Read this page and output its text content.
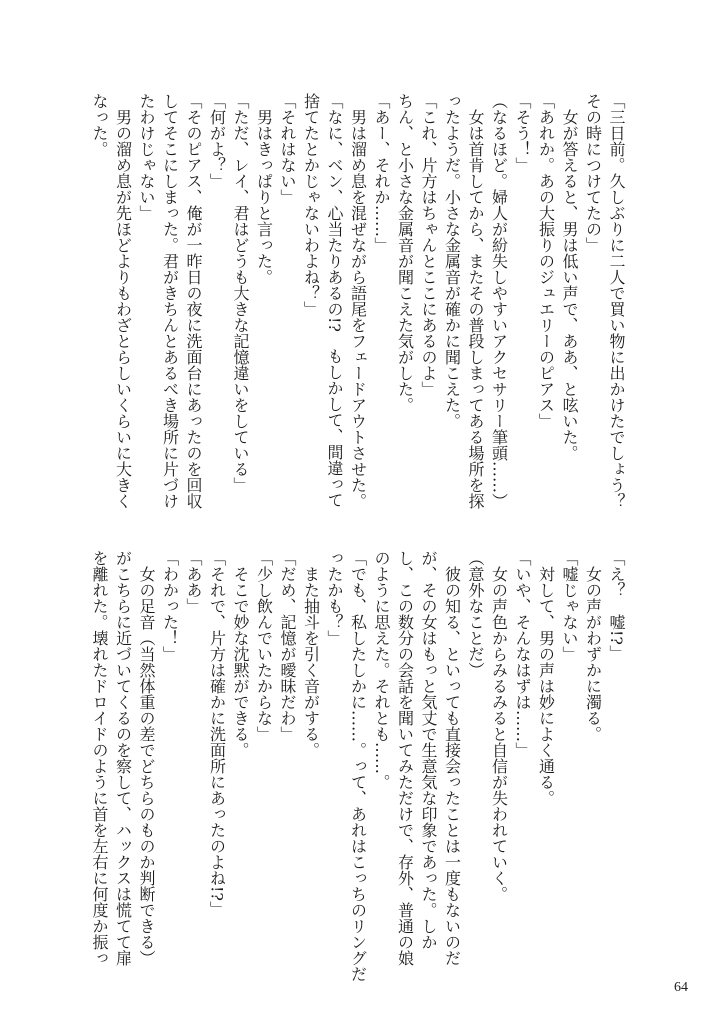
「三日前。久しぶりに二人で買い物に出かけたでしょう？

その時につけてたの」

　女が答えると、男は低い声で、ああ、と呟いた。

「あれか。あの大振りのジュエリーのピアス」

「そう！」

（なるほど。婦人が紛失しやすいアクセサリー筆頭……）

　女は首肯してから、またその普段しまってある場所を探

ったようだ。小さな金属音が確かに聞こえた。

「これ、片方はちゃんとここにあるのよ」

ちん、と小さな金属音が聞こえた気がした。

「あー、それか……」

　男は溜め息を混ぜながら語尾をフェードアウトさせた。

「なに、ベン、心当たりあるの!?　もしかして、間違って

捨てたとかじゃないわよね？」

「それはない」

　男はきっぱりと言った。

「ただ、レイ、君はどうも大きな記憶違いをしている」

「何がよ？」

「そのピアス、俺が一昨日の夜に洗面台にあったのを回収

してそこにしまった。君がきちんとあるべき場所に片づけ

たわけじゃない」

　男の溜め息が先ほどよりもわざとらしいくらいに大きく

なった。

「え？　嘘!?」

　女の声がわずかに濁る。

「嘘じゃない」

　対して、男の声は妙によく通る。

「いや、そんなはずは……」

　女の声色からみるみると自信が失われていく。

（意外なことだ）

　彼の知る、といっても直接会ったことは一度もないのだ

が、その女はもっと気丈で生意気な印象であった。しか

し、この数分の会話を聞いてみただけで、存外、普通の娘

のように思えた。それとも……。

「でも、私したしかに……。って、あれはこっちのリングだ

ったかも？」

　また抽斗を引く音がする。

「だめ、記憶が曖昧だわ」

「少し飲んでいたからな」

　そこで妙な沈黙ができる。

「それで、片方は確かに洗面所にあったのよね!?」

「ああ」

「わかった！」

　女の足音（当然体重の差でどちらのものか判断できる）

がこちらに近づいてくるのを察して、ハックスは慌てて扉

を離れた。壊れたドロイドのように首を左右に何度か振っ

64
